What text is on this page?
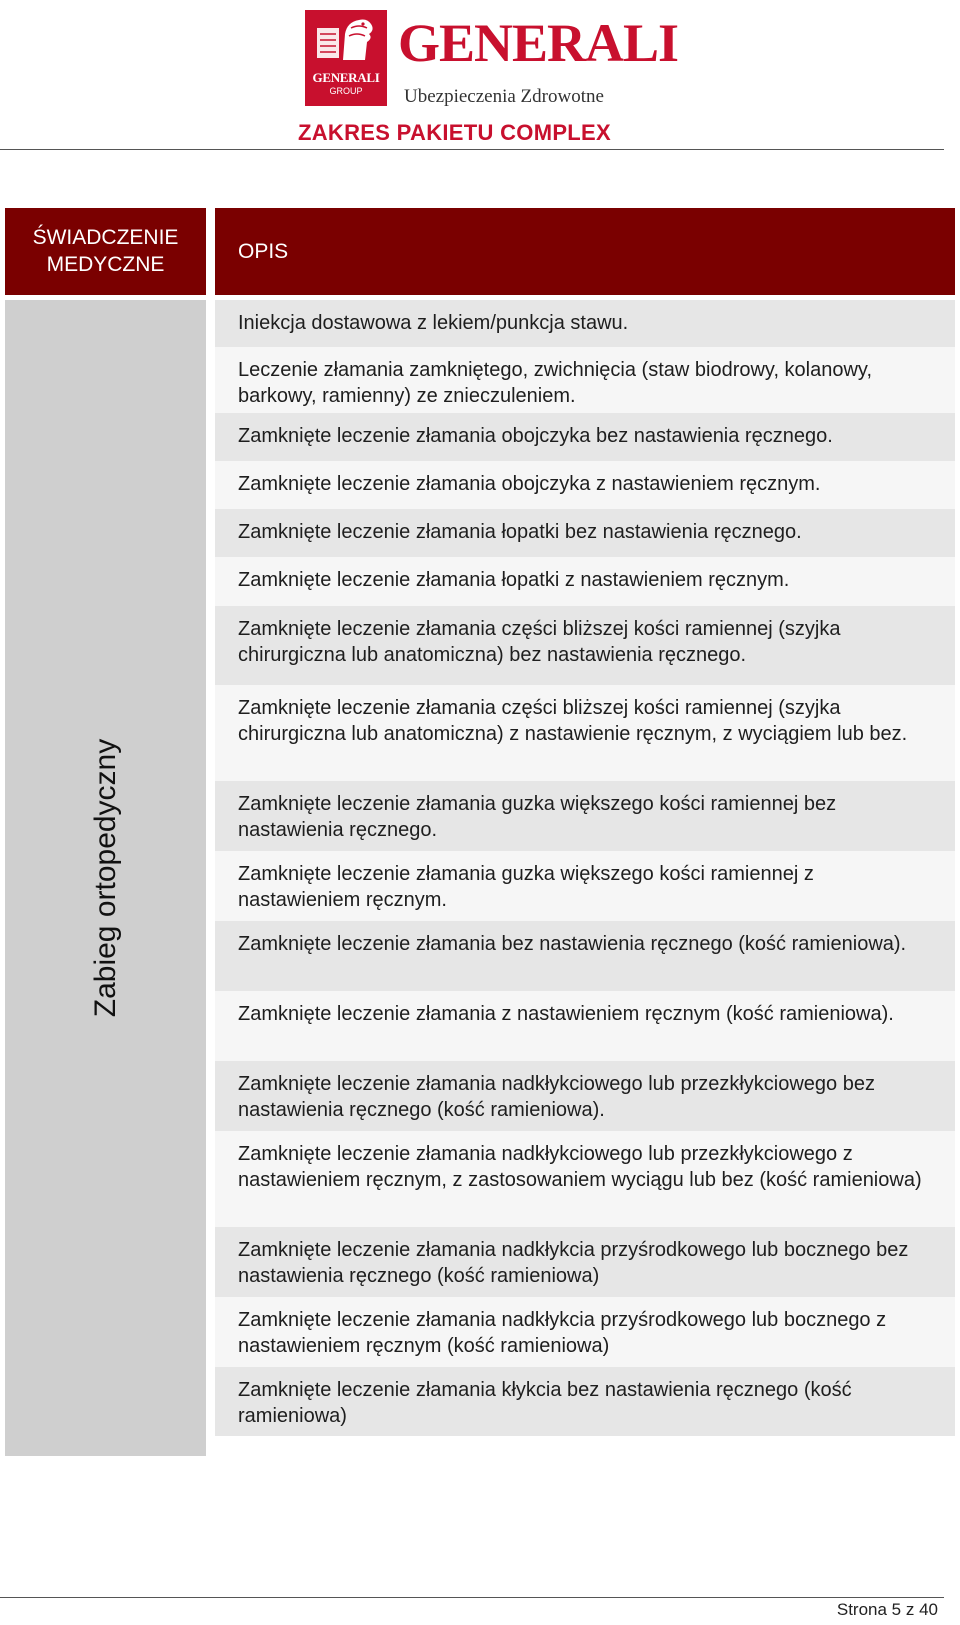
GENERALI
GROUP
GENERALI
Ubezpieczenia Zdrowotne
ZAKRES PAKIETU COMPLEX
ŚWIADCZENIE MEDYCZNE
OPIS
Zabieg ortopedyczny
Iniekcja dostawowa z lekiem/punkcja stawu.
Leczenie złamania zamkniętego, zwichnięcia (staw biodrowy, kolanowy, barkowy, ramienny) ze znieczuleniem.
Zamknięte leczenie złamania obojczyka bez nastawienia ręcznego.
Zamknięte leczenie złamania obojczyka z nastawieniem ręcznym.
Zamknięte leczenie złamania łopatki bez nastawienia ręcznego.
Zamknięte leczenie złamania łopatki z nastawieniem ręcznym.
Zamknięte leczenie złamania części bliższej kości ramiennej (szyjka chirurgiczna lub anatomiczna) bez nastawienia ręcznego.
Zamknięte leczenie złamania części bliższej kości ramiennej (szyjka chirurgiczna lub anatomiczna) z nastawienie ręcznym, z wyciągiem lub bez.
Zamknięte leczenie złamania guzka większego kości ramiennej bez nastawienia ręcznego.
Zamknięte leczenie złamania guzka większego kości ramiennej z nastawieniem ręcznym.
Zamknięte leczenie złamania bez nastawienia ręcznego (kość ramieniowa).
Zamknięte leczenie złamania z nastawieniem ręcznym (kość ramieniowa).
Zamknięte leczenie złamania nadkłykciowego lub przezkłykciowego bez nastawienia ręcznego (kość ramieniowa).
Zamknięte leczenie złamania nadkłykciowego lub przezkłykciowego z nastawieniem ręcznym, z zastosowaniem wyciągu lub bez (kość ramieniowa)
Zamknięte leczenie złamania nadkłykcia przyśrodkowego lub bocznego bez nastawienia ręcznego (kość ramieniowa)
Zamknięte leczenie złamania nadkłykcia przyśrodkowego lub bocznego z nastawieniem ręcznym (kość ramieniowa)
Zamknięte leczenie złamania kłykcia bez nastawienia ręcznego (kość ramieniowa)
Strona 5 z 40
